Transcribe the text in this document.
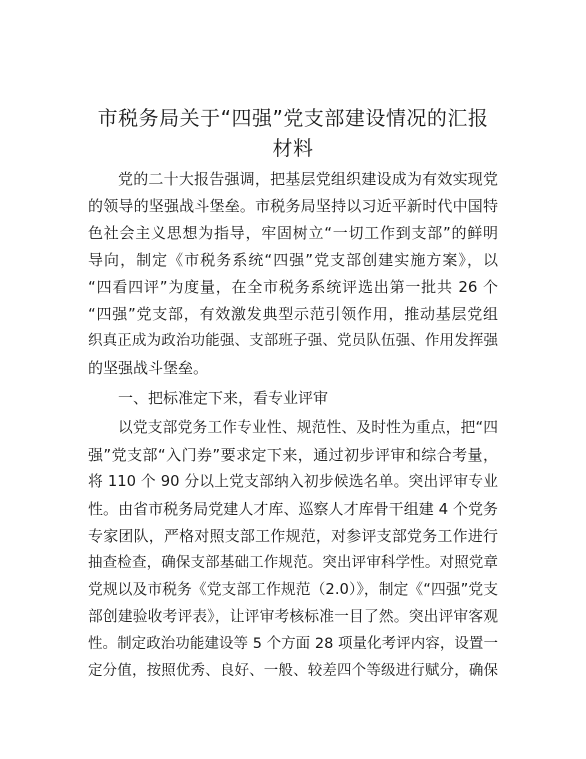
市税务局关于“四强”党支部建设情况的汇报
材料
党的二十大报告强调，把基层党组织建设成为有效实现党
的领导的坚强战斗堡垒。市税务局坚持以习近平新时代中国特
色社会主义思想为指导，牢固树立“一切工作到支部”的鲜明
导向，制定《市税务系统“四强”党支部创建实施方案》，以
“四看四评”为度量，在全市税务系统评选出第一批共 26 个
“四强”党支部，有效激发典型示范引领作用，推动基层党组
织真正成为政治功能强、支部班子强、党员队伍强、作用发挥强
的坚强战斗堡垒。
一、把标准定下来，看专业评审
以党支部党务工作专业性、规范性、及时性为重点，把“四
强”党支部“入门券”要求定下来，通过初步评审和综合考量，
将 110 个 90 分以上党支部纳入初步候选名单。突出评审专业
性。由省市税务局党建人才库、巡察人才库骨干组建 4 个党务
专家团队，严格对照支部工作规范，对参评支部党务工作进行
抽查检查，确保支部基础工作规范。突出评审科学性。对照党章
党规以及市税务《党支部工作规范（2.0）》，制定《“四强”党支
部创建验收考评表》，让评审考核标准一目了然。突出评审客观
性。制定政治功能建设等 5 个方面 28 项量化考评内容，设置一
定分值，按照优秀、良好、一般、较差四个等级进行赋分，确保
